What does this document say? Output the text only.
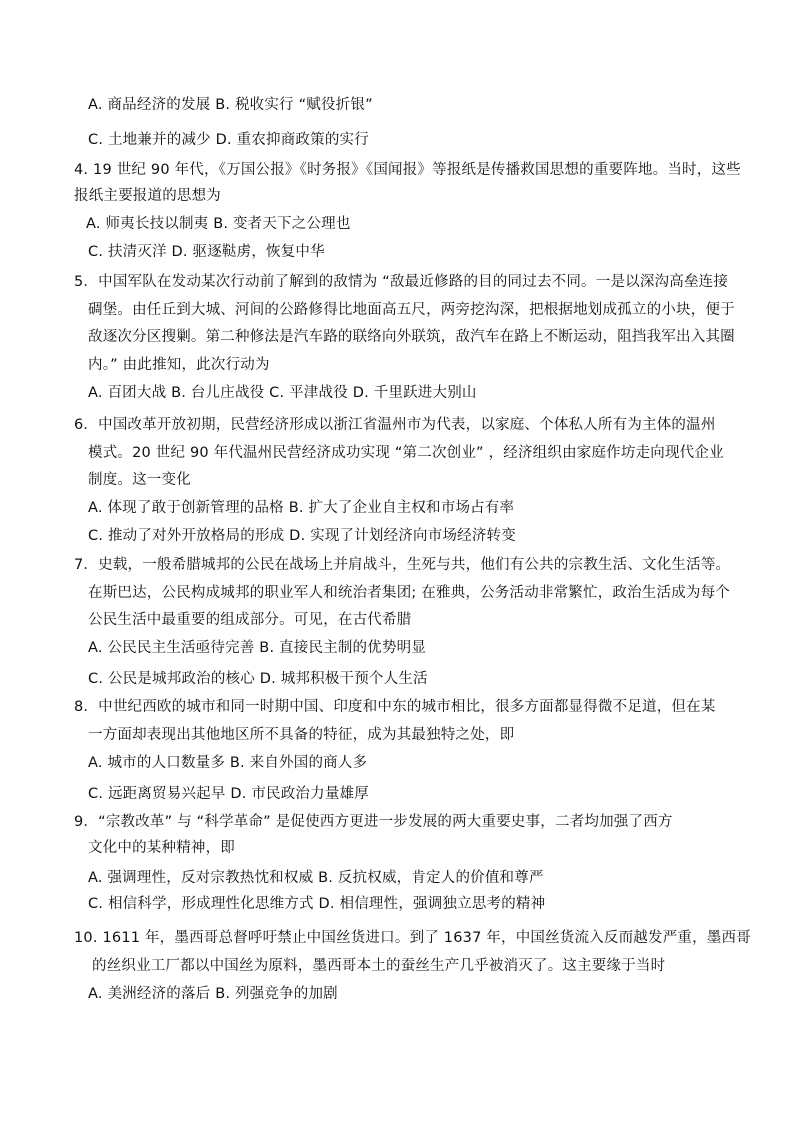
A. 商品经济的发展 B. 税收实行 “赋役折银”
C. 土地兼并的减少 D. 重农抑商政策的实行
4. 19 世纪 90 年代，《万国公报》《时务报》《国闻报》等报纸是传播救国思想的重要阵地。当时，这些
报纸主要报道的思想为
A. 师夷长技以制夷 B. 变者天下之公理也
C. 扶清灭洋 D. 驱逐鞑虏，恢复中华
5．中国军队在发动某次行动前了解到的敌情为 “敌最近修路的目的同过去不同。一是以深沟高垒连接
碉堡。由任丘到大城、河间的公路修得比地面高五尺，两旁挖沟深，把根据地划成孤立的小块，便于
敌逐次分区搜剿。第二种修法是汽车路的联络向外联筑，敌汽车在路上不断运动，阻挡我军出入其圈
内。” 由此推知，此次行动为
A. 百团大战 B. 台儿庄战役 C. 平津战役 D. 千里跃进大别山
6．中国改革开放初期，民营经济形成以浙江省温州市为代表，以家庭、个体私人所有为主体的温州
模式。20 世纪 90 年代温州民营经济成功实现 “第二次创业” ，经济组织由家庭作坊走向现代企业
制度。这一变化
A. 体现了敢于创新管理的品格 B. 扩大了企业自主权和市场占有率
C. 推动了对外开放格局的形成 D. 实现了计划经济向市场经济转变
7．史载，一般希腊城邦的公民在战场上并肩战斗，生死与共，他们有公共的宗教生活、文化生活等。
在斯巴达，公民构成城邦的职业军人和统治者集团; 在雅典，公务活动非常繁忙，政治生活成为每个
公民生活中最重要的组成部分。可见，在古代希腊
A. 公民民主生活亟待完善 B. 直接民主制的优势明显
C. 公民是城邦政治的核心 D. 城邦积极干预个人生活
8．中世纪西欧的城市和同一时期中国、印度和中东的城市相比，很多方面都显得微不足道，但在某
一方面却表现出其他地区所不具备的特征，成为其最独特之处，即
A. 城市的人口数量多 B. 来自外国的商人多
C. 远距离贸易兴起早 D. 市民政治力量雄厚
9．“宗教改革” 与 “科学革命” 是促使西方更进一步发展的两大重要史事，二者均加强了西方
文化中的某种精神，即
A. 强调理性，反对宗教热忱和权威 B. 反抗权威，肯定人的价值和尊严
C. 相信科学，形成理性化思维方式 D. 相信理性，强调独立思考的精神
10. 1611 年，墨西哥总督呼吁禁止中国丝货进口。到了 1637 年，中国丝货流入反而越发严重，墨西哥
的丝织业工厂都以中国丝为原料，墨西哥本土的蚕丝生产几乎被消灭了。这主要缘于当时
A. 美洲经济的落后 B. 列强竞争的加剧
